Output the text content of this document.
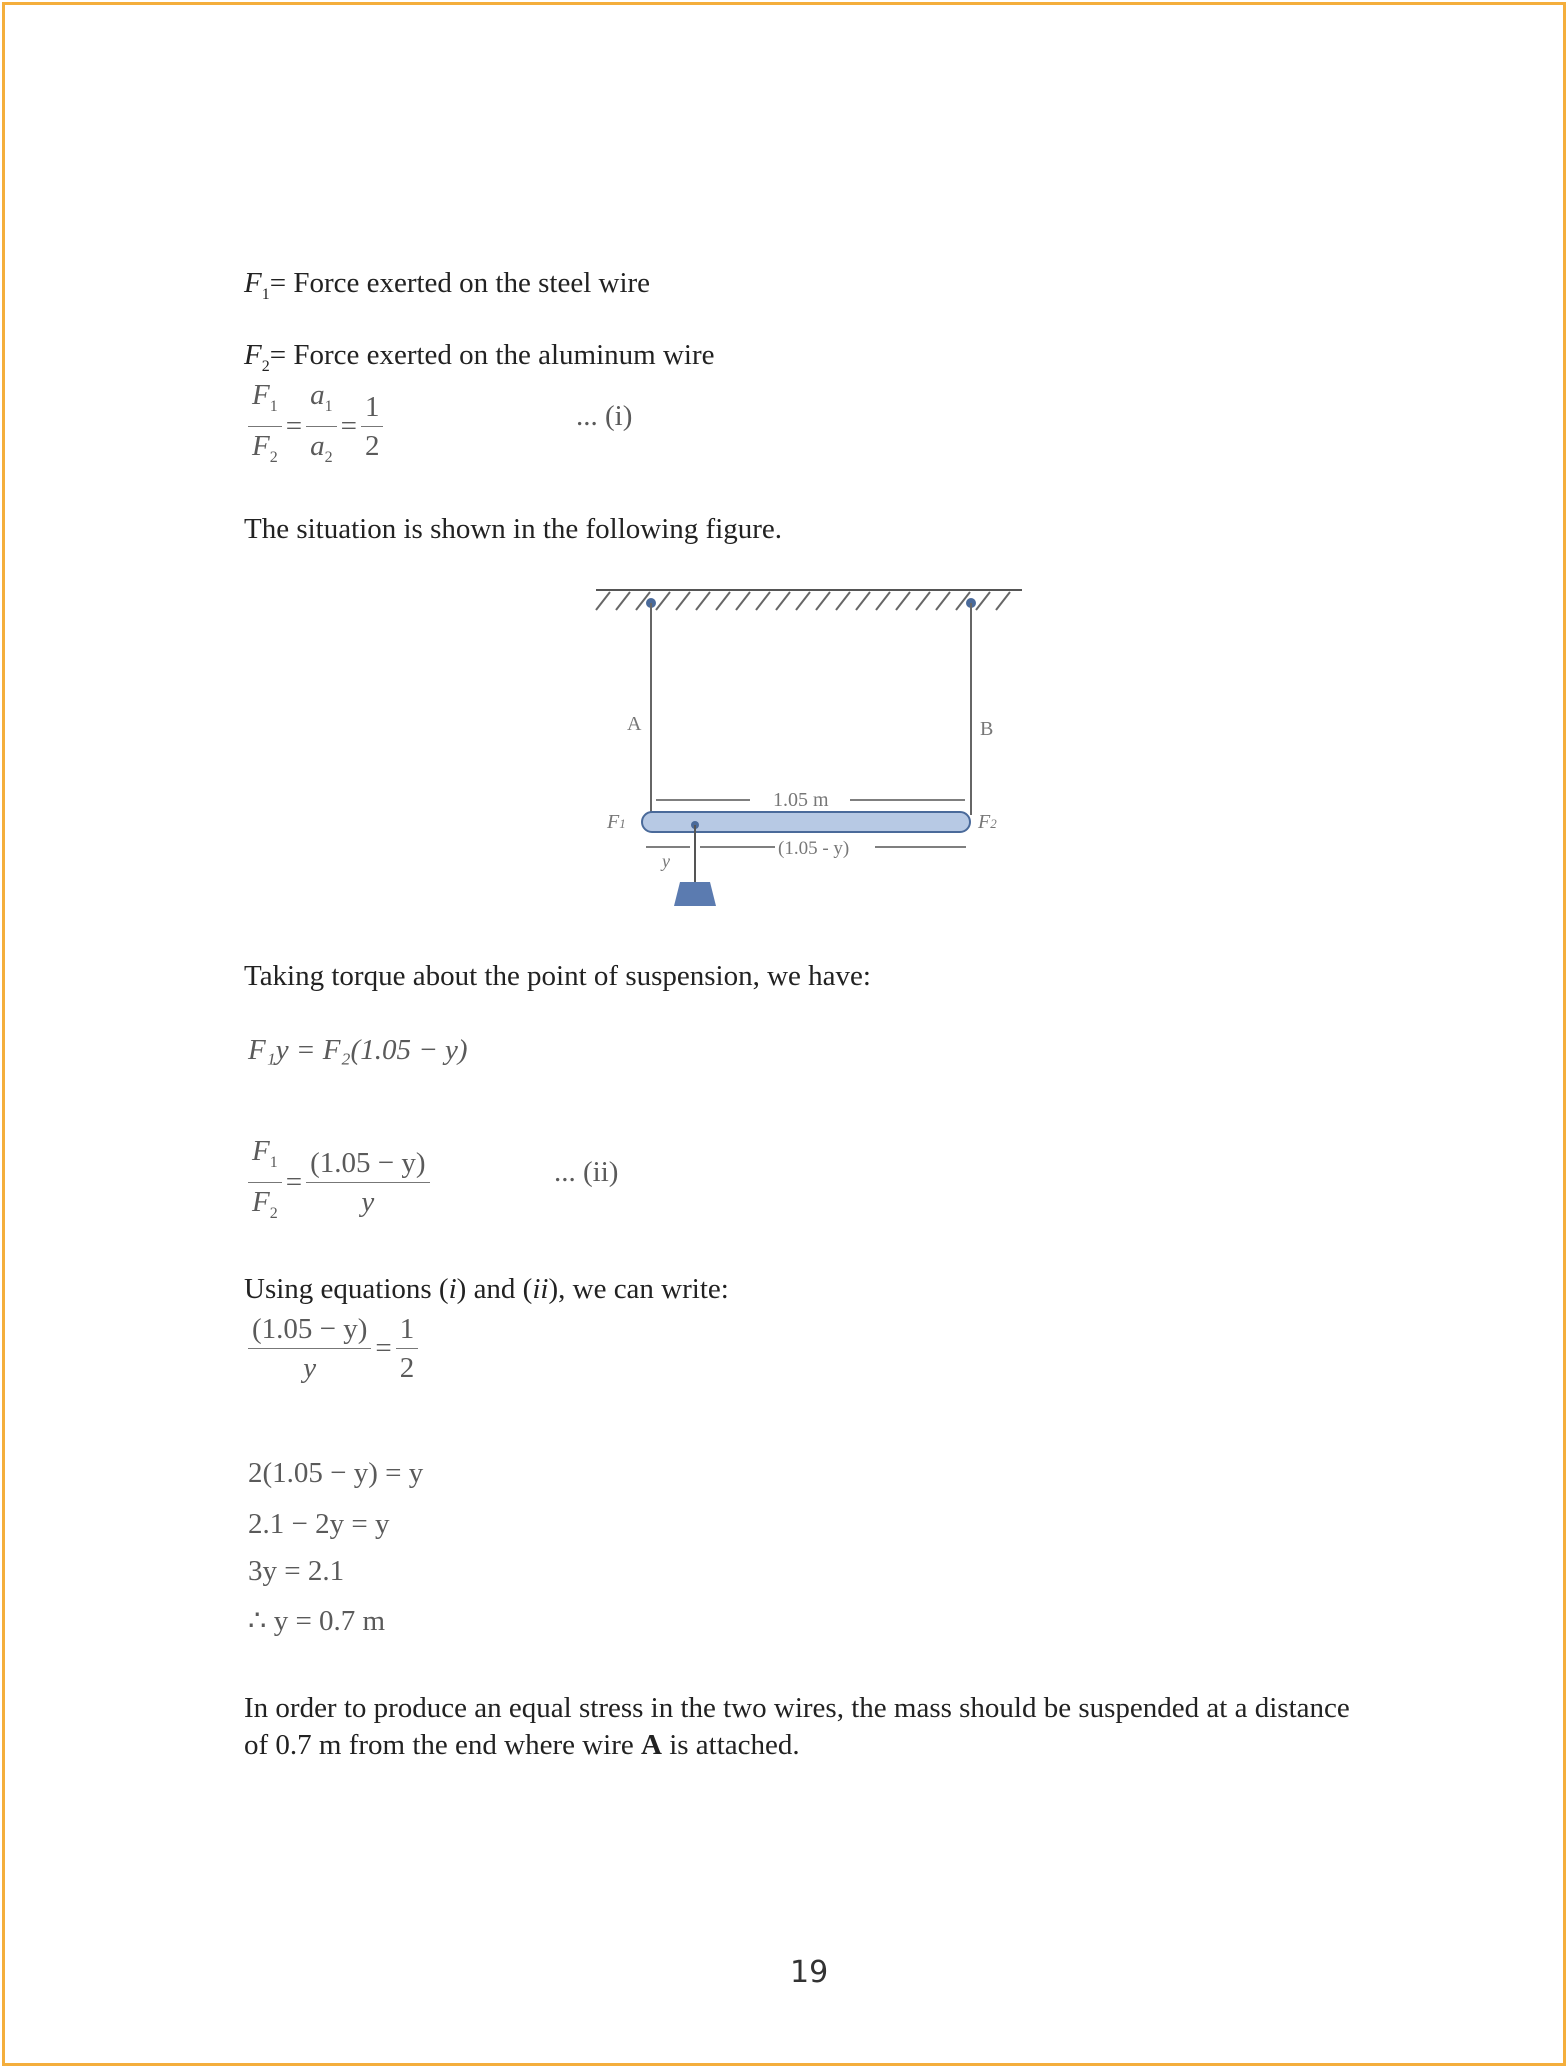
$F_1=$ Force exerted on the steel wire
$F_2=$ Force exerted on the aluminum wire
$\frac{F_1}{F_2} = \frac{a_1}{a_2} = \frac{1}{2}$	... (i)
The situation is shown in the following figure.
A	B
1.05 m
F1	F2
y
(1.05 - y)
Taking torque about the point of suspension, we have:
F₁y = F₂(1.05 − y)
$\frac{F_1}{F_2} = \frac{(1.05 - y)}{y}$	... (ii)
Using equations (i) and (ii), we can write:
$\frac{(1.05 - y)}{y} = \frac{1}{2}$
2(1.05 − y) = y
2.1 − 2y = y
3y = 2.1
∴ y = 0.7 m
In order to produce an equal stress in the two wires, the mass should be suspended at a distance of 0.7 m from the end where wire A is attached.
19
